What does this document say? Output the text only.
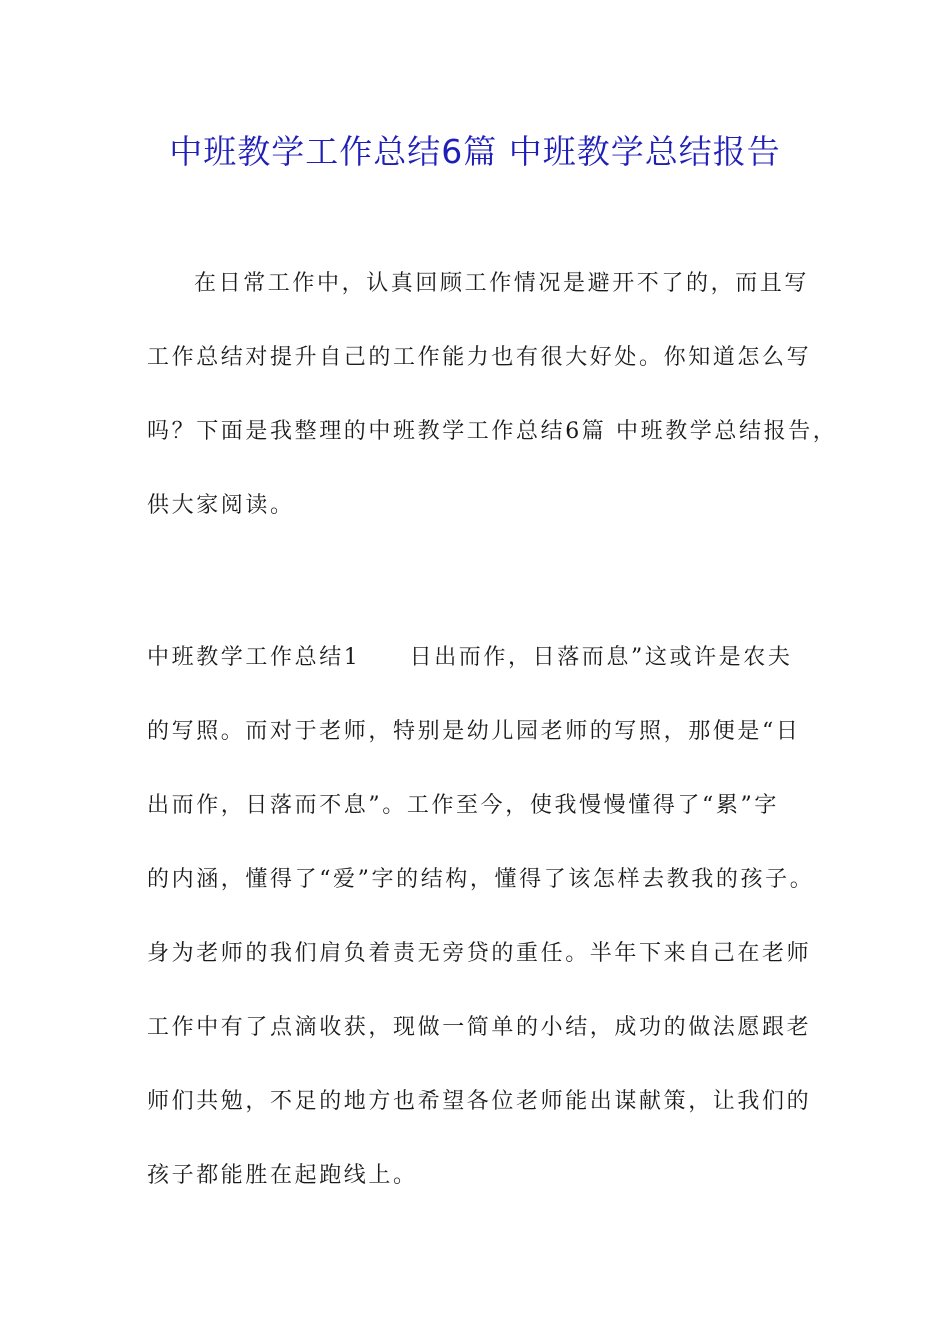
中班教学工作总结6篇 中班教学总结报告
在日常工作中，认真回顾工作情况是避开不了的，而且写
工作总结对提升自己的工作能力也有很大好处。你知道怎么写
吗？下面是我整理的中班教学工作总结6篇 中班教学总结报告，
供大家阅读。
中班教学工作总结1　　日出而作，日落而息”这或许是农夫
的写照。而对于老师，特别是幼儿园老师的写照，那便是“日
出而作，日落而不息”。工作至今，使我慢慢懂得了“累”字
的内涵，懂得了“爱”字的结构，懂得了该怎样去教我的孩子。
身为老师的我们肩负着责无旁贷的重任。半年下来自己在老师
工作中有了点滴收获，现做一简单的小结，成功的做法愿跟老
师们共勉，不足的地方也希望各位老师能出谋献策，让我们的
孩子都能胜在起跑线上。
